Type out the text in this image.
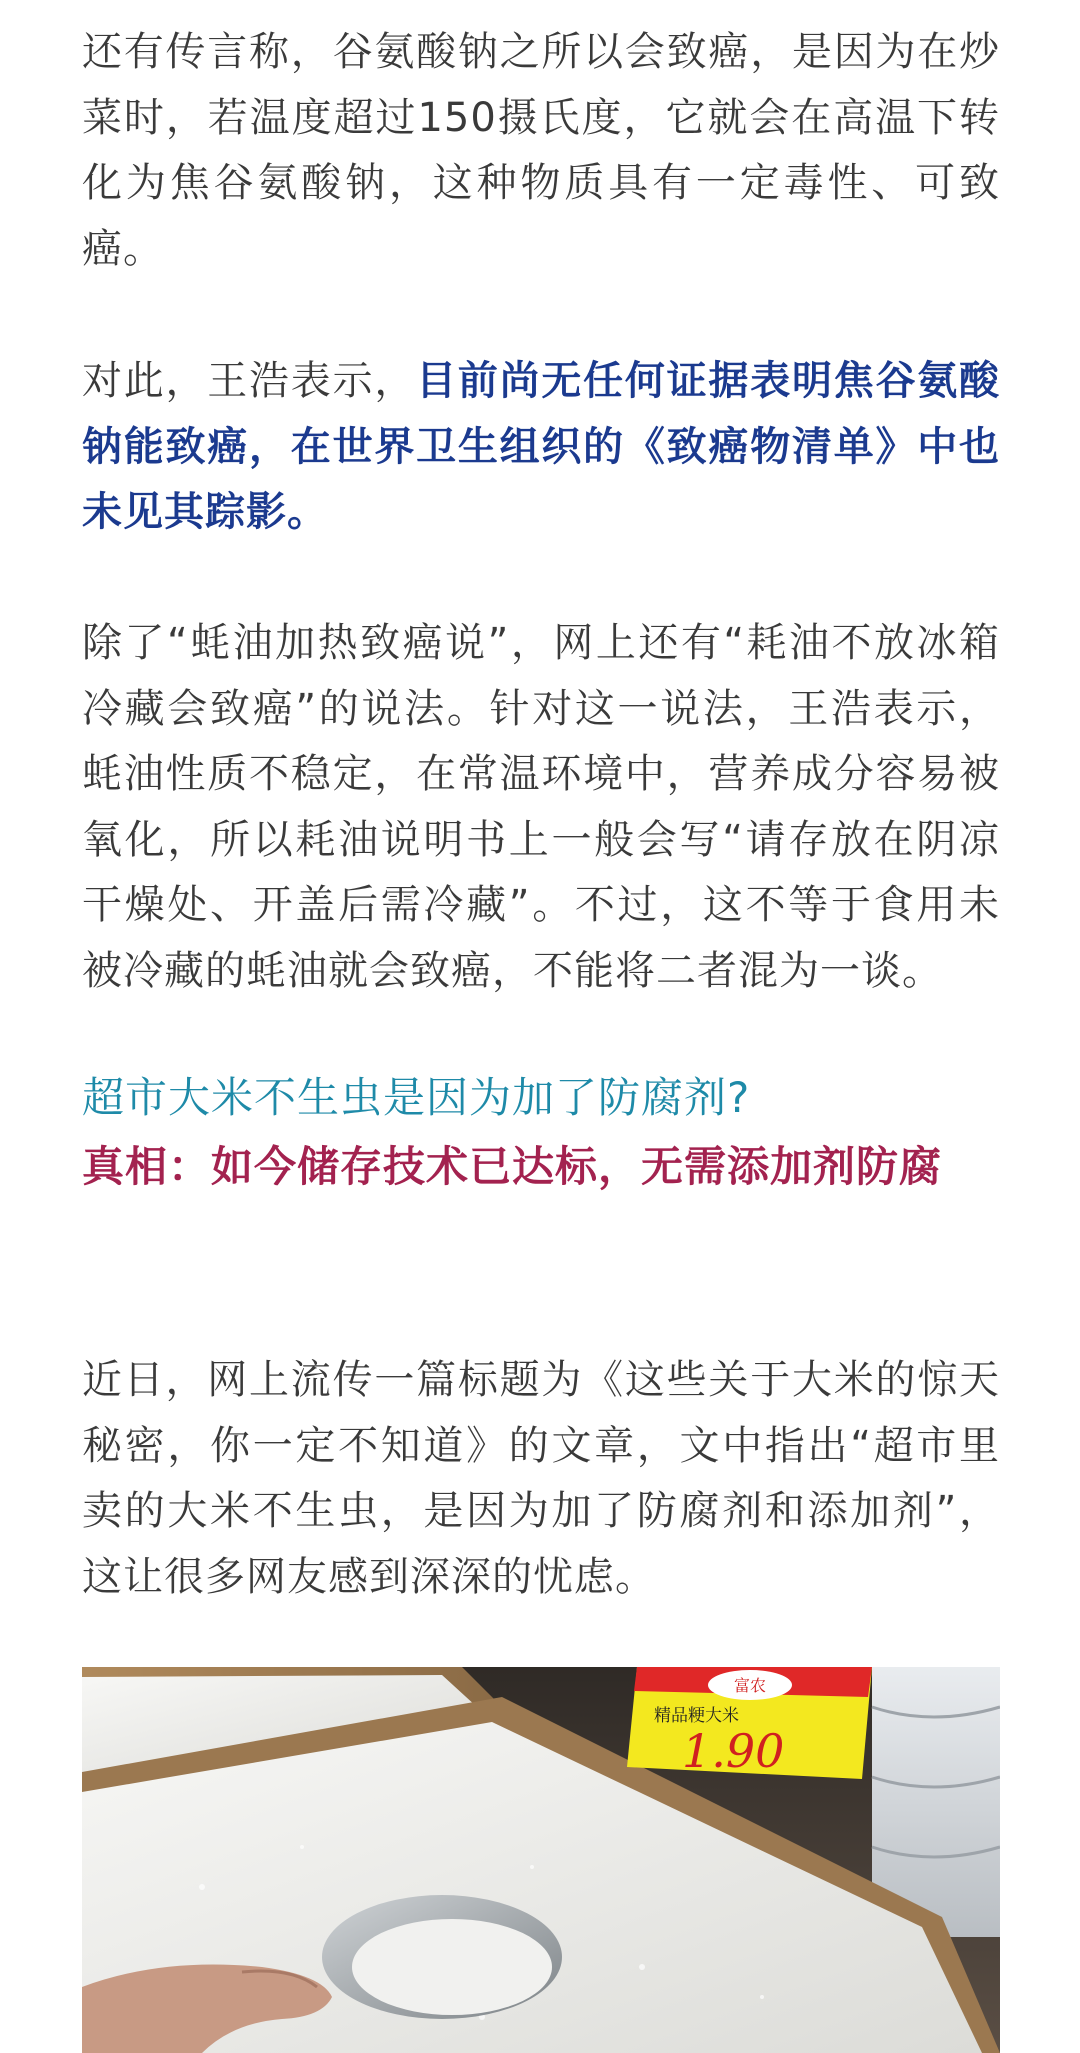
还有传言称，谷氨酸钠之所以会致癌，是因为在炒菜时，若温度超过150摄氏度，它就会在高温下转化为焦谷氨酸钠，这种物质具有一定毒性、可致癌。

对此，王浩表示，目前尚无任何证据表明焦谷氨酸钠能致癌，在世界卫生组织的《致癌物清单》中也未见其踪影。

除了“蚝油加热致癌说”，网上还有“耗油不放冰箱冷藏会致癌”的说法。针对这一说法，王浩表示，蚝油性质不稳定，在常温环境中，营养成分容易被氧化，所以耗油说明书上一般会写“请存放在阴凉干燥处、开盖后需冷藏”。不过，这不等于食用未被冷藏的蚝油就会致癌，不能将二者混为一谈。

超市大米不生虫是因为加了防腐剂?

真相：如今储存技术已达标，无需添加剂防腐

近日，网上流传一篇标题为《这些关于大米的惊天秘密，你一定不知道》的文章，文中指出“超市里卖的大米不生虫，是因为加了防腐剂和添加剂”，这让很多网友感到深深的忧虑。

富农
精品粳大米
1.90
